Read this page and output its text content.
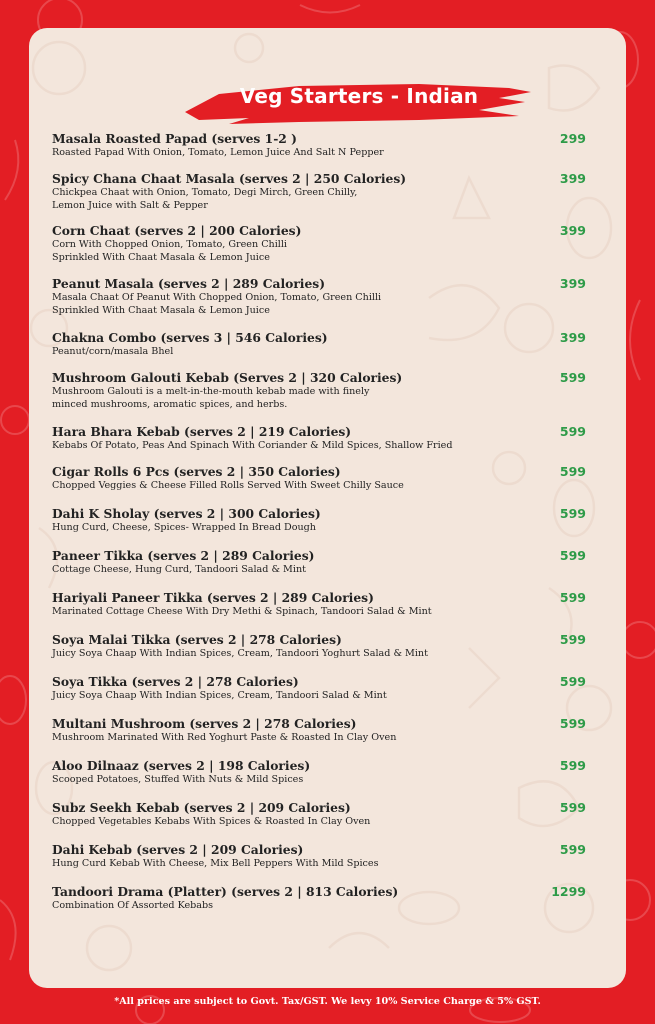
Veg Starters - Indian
Masala Roasted Papad (serves 1-2 )
Roasted Papad With Onion, Tomato, Lemon Juice And Salt N Pepper
299
Spicy Chana Chaat Masala (serves 2 | 250 Calories)
Chickpea Chaat with Onion, Tomato, Degi Mirch, Green Chilly,
Lemon Juice with Salt & Pepper
399
Corn Chaat (serves 2 | 200 Calories)
Corn With Chopped Onion, Tomato, Green Chilli
Sprinkled With Chaat Masala & Lemon Juice
399
Peanut Masala (serves 2 | 289 Calories)
Masala Chaat Of Peanut With Chopped Onion, Tomato, Green Chilli
Sprinkled With Chaat Masala & Lemon Juice
399
Chakna Combo (serves 3 | 546 Calories)
Peanut/corn/masala Bhel
399
Mushroom Galouti Kebab (Serves 2 | 320 Calories)
Mushroom Galouti is a melt-in-the-mouth kebab made with finely
minced mushrooms, aromatic spices, and herbs.
599
Hara Bhara Kebab (serves 2 | 219 Calories)
Kebabs Of Potato, Peas And Spinach With Coriander & Mild Spices, Shallow Fried
599
Cigar Rolls 6 Pcs (serves 2 | 350 Calories)
Chopped Veggies & Cheese Filled Rolls Served With Sweet Chilly Sauce
599
Dahi K Sholay (serves 2 | 300 Calories)
Hung Curd, Cheese, Spices- Wrapped In Bread Dough
599
Paneer Tikka (serves 2 | 289 Calories)
Cottage Cheese, Hung Curd, Tandoori Salad & Mint
599
Hariyali Paneer Tikka (serves 2 | 289 Calories)
Marinated Cottage Cheese With Dry Methi & Spinach, Tandoori Salad & Mint
599
Soya Malai Tikka (serves 2 | 278 Calories)
Juicy Soya Chaap With Indian Spices, Cream, Tandoori Yoghurt Salad & Mint
599
Soya Tikka (serves 2 | 278 Calories)
Juicy Soya Chaap With Indian Spices, Cream, Tandoori Salad & Mint
599
Multani Mushroom (serves 2 | 278 Calories)
Mushroom Marinated With Red Yoghurt Paste & Roasted In Clay Oven
599
Aloo Dilnaaz (serves 2 | 198 Calories)
Scooped Potatoes, Stuffed With Nuts & Mild Spices
599
Subz Seekh Kebab (serves 2 | 209 Calories)
Chopped Vegetables Kebabs With Spices & Roasted In Clay Oven
599
Dahi Kebab (serves 2 | 209 Calories)
Hung Curd Kebab With Cheese, Mix Bell Peppers With Mild Spices
599
Tandoori Drama (Platter) (serves 2 | 813 Calories)
Combination Of Assorted Kebabs
1299
*All prices are subject to Govt. Tax/GST. We levy 10% Service Charge & 5% GST.
